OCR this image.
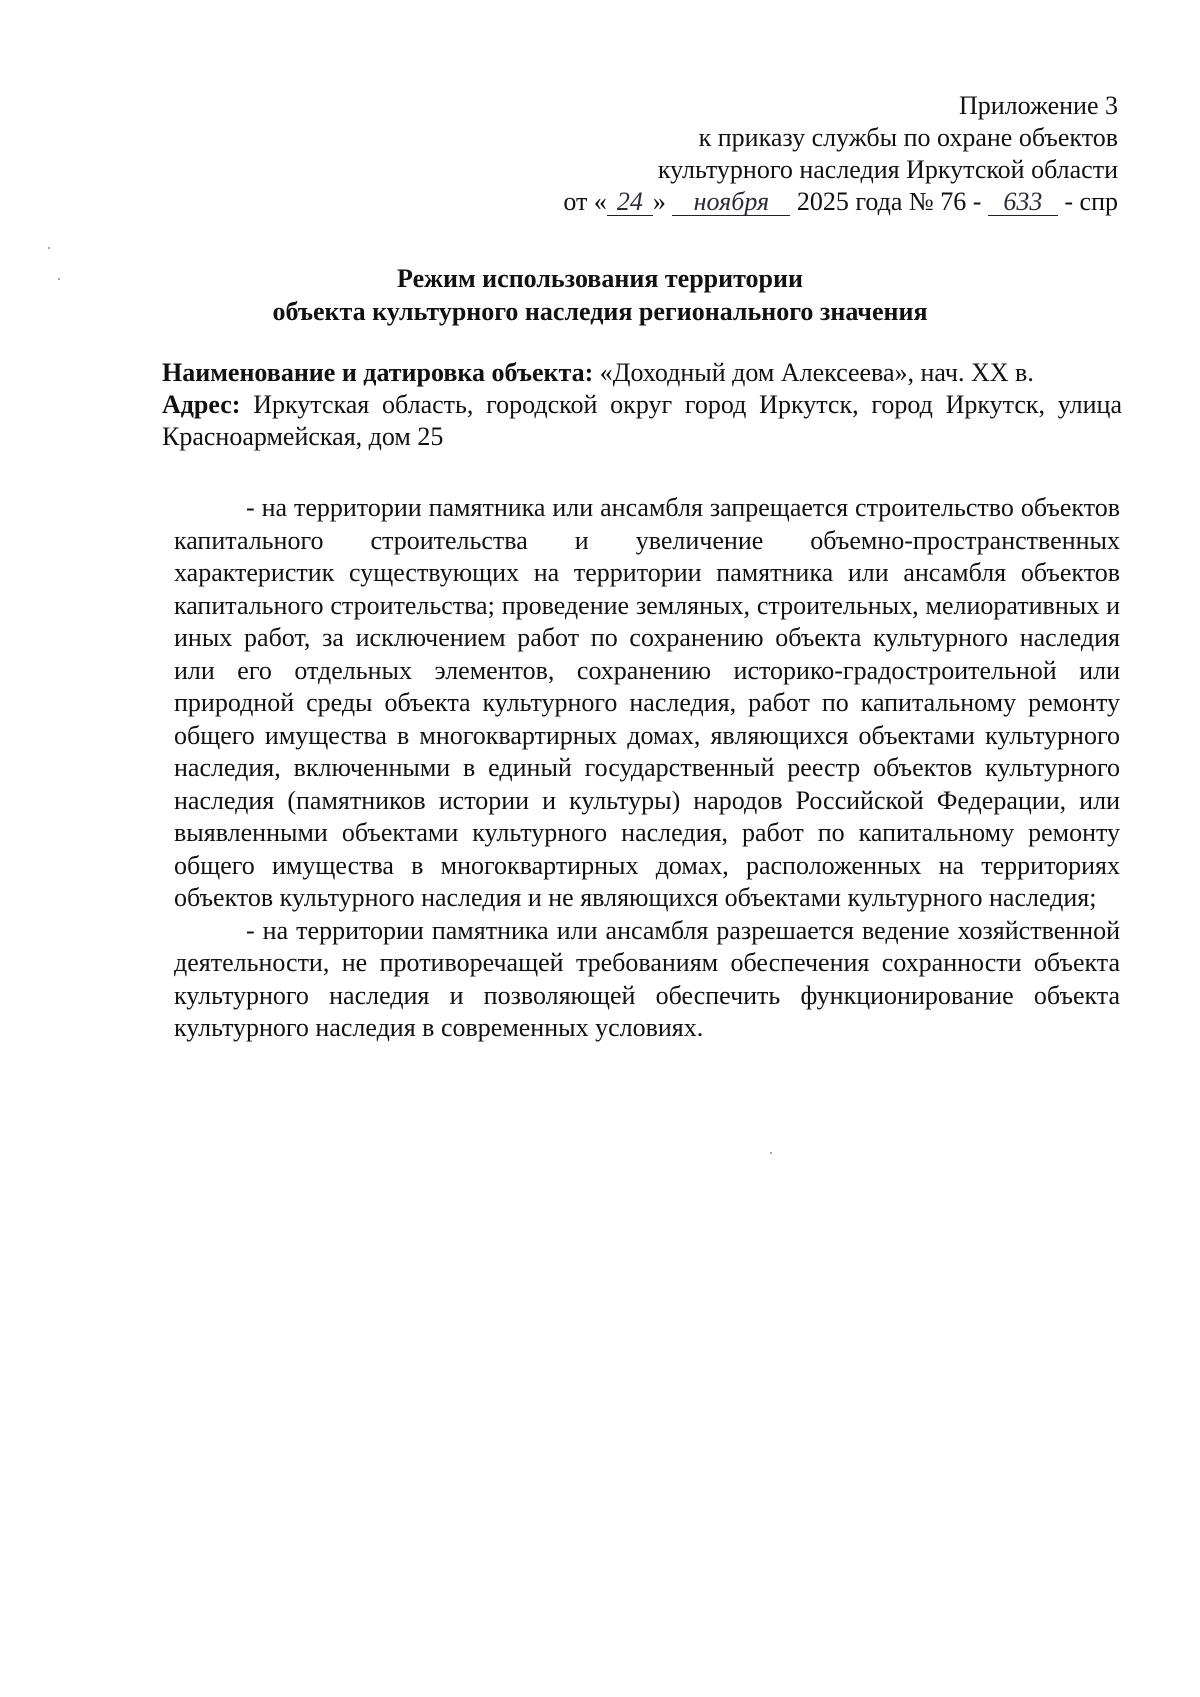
Приложение 3
к приказу службы по охране объектов
культурного наследия Иркутской области
от « 24 » ноября 2025 года № 76 - 633 - спр
Режим использования территории
объекта культурного наследия регионального значения
Наименование и датировка объекта: «Доходный дом Алексеева», нач. XX в.
Адрес: Иркутская область, городской округ город Иркутск, город Иркутск, улица Красноармейская, дом 25

- на территории памятника или ансамбля запрещается строительство объектов капитального строительства и увеличение объемно-пространственных характеристик существующих на территории памятника или ансамбля объектов капитального строительства; проведение земляных, строительных, мелиоративных и иных работ, за исключением работ по сохранению объекта культурного наследия или его отдельных элементов, сохранению историко-градостроительной или природной среды объекта культурного наследия, работ по капитальному ремонту общего имущества в многоквартирных домах, являющихся объектами культурного наследия, включенными в единый государственный реестр объектов культурного наследия (памятников истории и культуры) народов Российской Федерации, или выявленными объектами культурного наследия, работ по капитальному ремонту общего имущества в многоквартирных домах, расположенных на территориях объектов культурного наследия и не являющихся объектами культурного наследия;

- на территории памятника или ансамбля разрешается ведение хозяйственной деятельности, не противоречащей требованиям обеспечения сохранности объекта культурного наследия и позволяющей обеспечить функционирование объекта культурного наследия в современных условиях.
